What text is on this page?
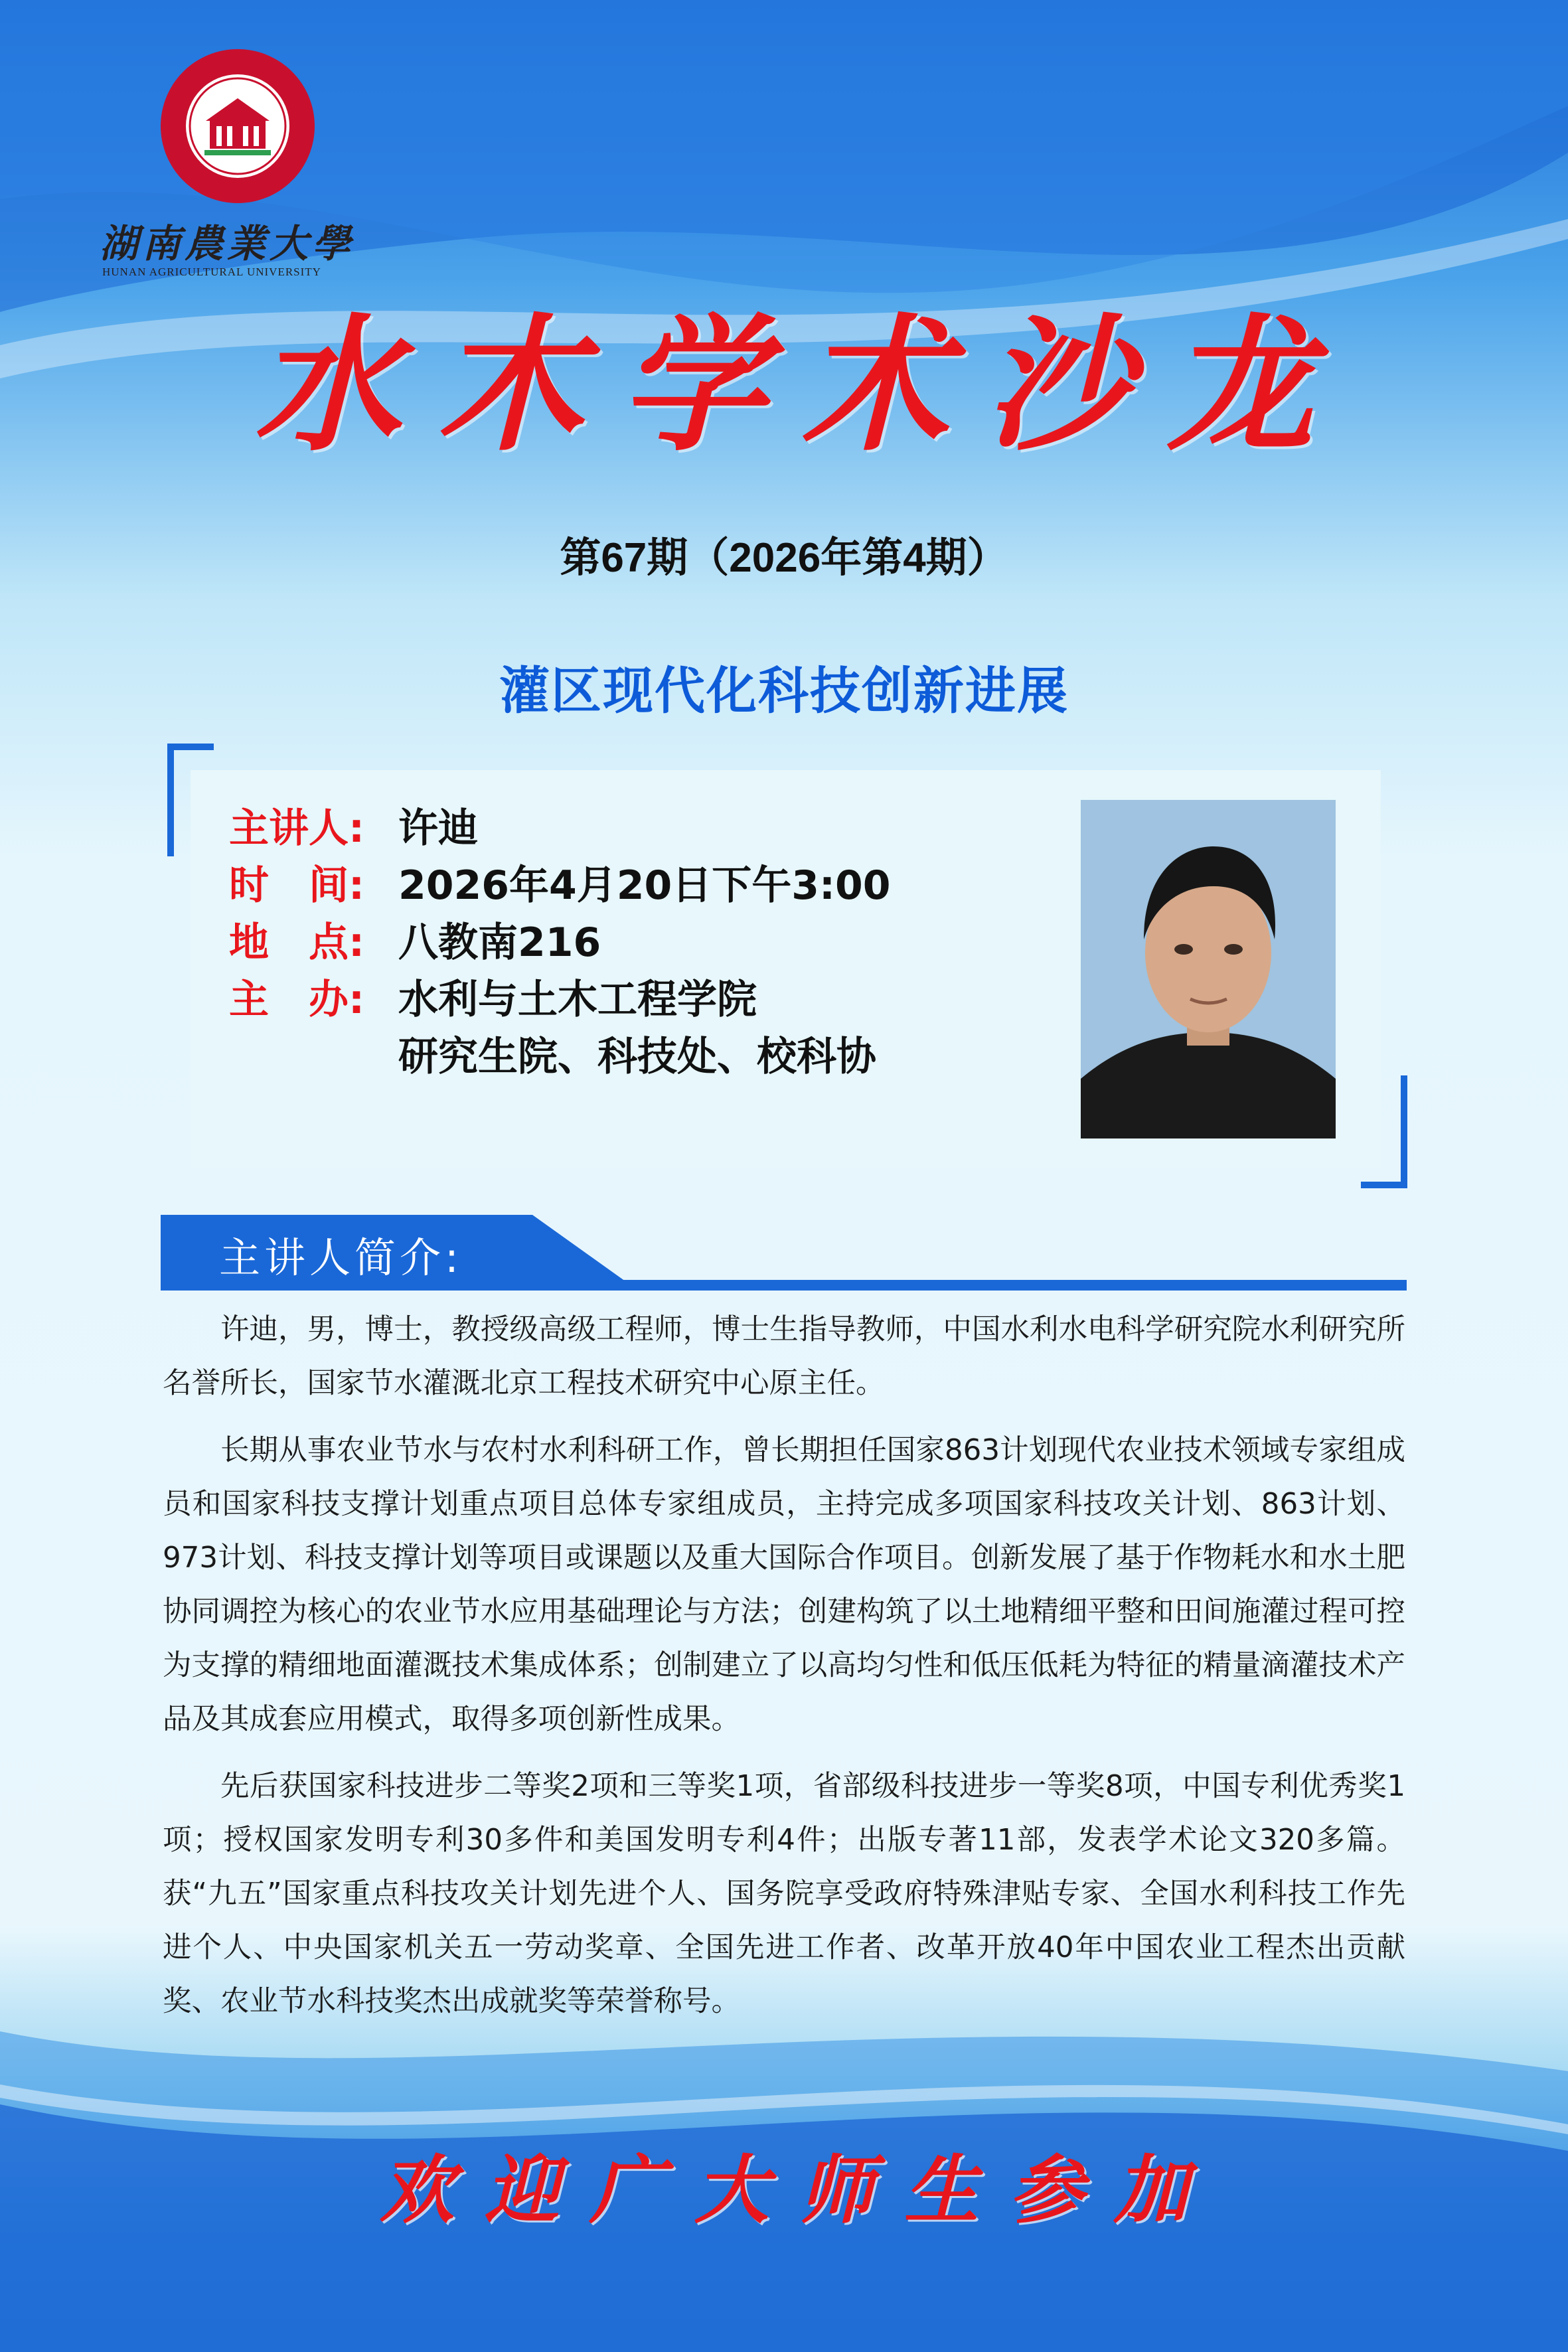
湖南農業大學
HUNAN AGRICULTURAL UNIVERSITY
水木学术沙龙
第67期（2026年第4期）
灌区现代化科技创新进展
主讲人: 许迪
时　间: 2026年4月20日下午3:00
地　点: 八教南216
主　办: 水利与土木工程学院
研究生院、科技处、校科协
主讲人简介:

许迪，男，博士，教授级高级工程师，博士生指导教师，中国水利水电科学研究院水利研究所名誉所长，国家节水灌溉北京工程技术研究中心原主任。

长期从事农业节水与农村水利科研工作，曾长期担任国家863计划现代农业技术领域专家组成员和国家科技支撑计划重点项目总体专家组成员，主持完成多项国家科技攻关计划、863计划、973计划、科技支撑计划等项目或课题以及重大国际合作项目。创新发展了基于作物耗水和水土肥协同调控为核心的农业节水应用基础理论与方法；创建构筑了以土地精细平整和田间施灌过程可控为支撑的精细地面灌溉技术集成体系；创制建立了以高均匀性和低压低耗为特征的精量滴灌技术产品及其成套应用模式，取得多项创新性成果。

先后获国家科技进步二等奖2项和三等奖1项，省部级科技进步一等奖8项，中国专利优秀奖1项；授权国家发明专利30多件和美国发明专利4件；出版专著11部，发表学术论文320多篇。获“九五”国家重点科技攻关计划先进个人、国务院享受政府特殊津贴专家、全国水利科技工作先进个人、中央国家机关五一劳动奖章、全国先进工作者、改革开放40年中国农业工程杰出贡献奖、农业节水科技奖杰出成就奖等荣誉称号。

欢迎广大师生参加
